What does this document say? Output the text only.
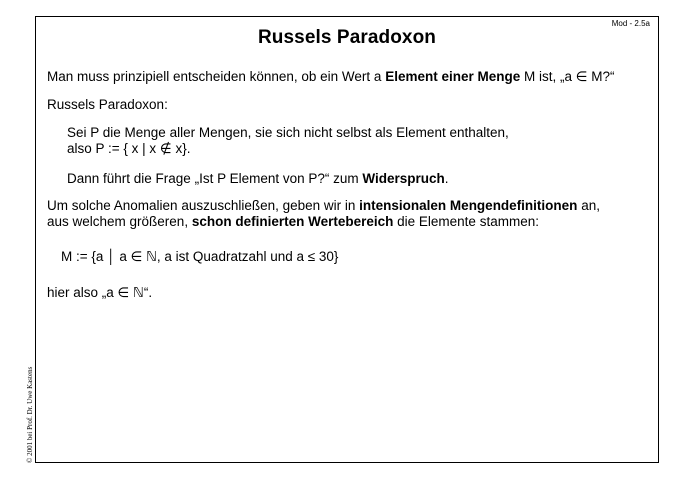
Mod - 2.5a
Russels Paradoxon
Man muss prinzipiell entscheiden können, ob ein Wert a Element einer Menge M ist, „a ∈ M?“
Russels Paradoxon:
Sei P die Menge aller Mengen, sie sich nicht selbst als Element enthalten,
also P := { x | x ∉ x}.
Dann führt die Frage „Ist P Element von P?“ zum Widerspruch.
Um solche Anomalien auszuschließen, geben wir in intensionalen Mengendefinitionen an,
aus welchem größeren, schon definierten Wertebereich die Elemente stammen:
M := {a │ a ∈ ℕ, a ist Quadratzahl und a ≤ 30}
hier also „a ∈ ℕ“.
© 2001 bei Prof. Dr. Uwe Kastens
